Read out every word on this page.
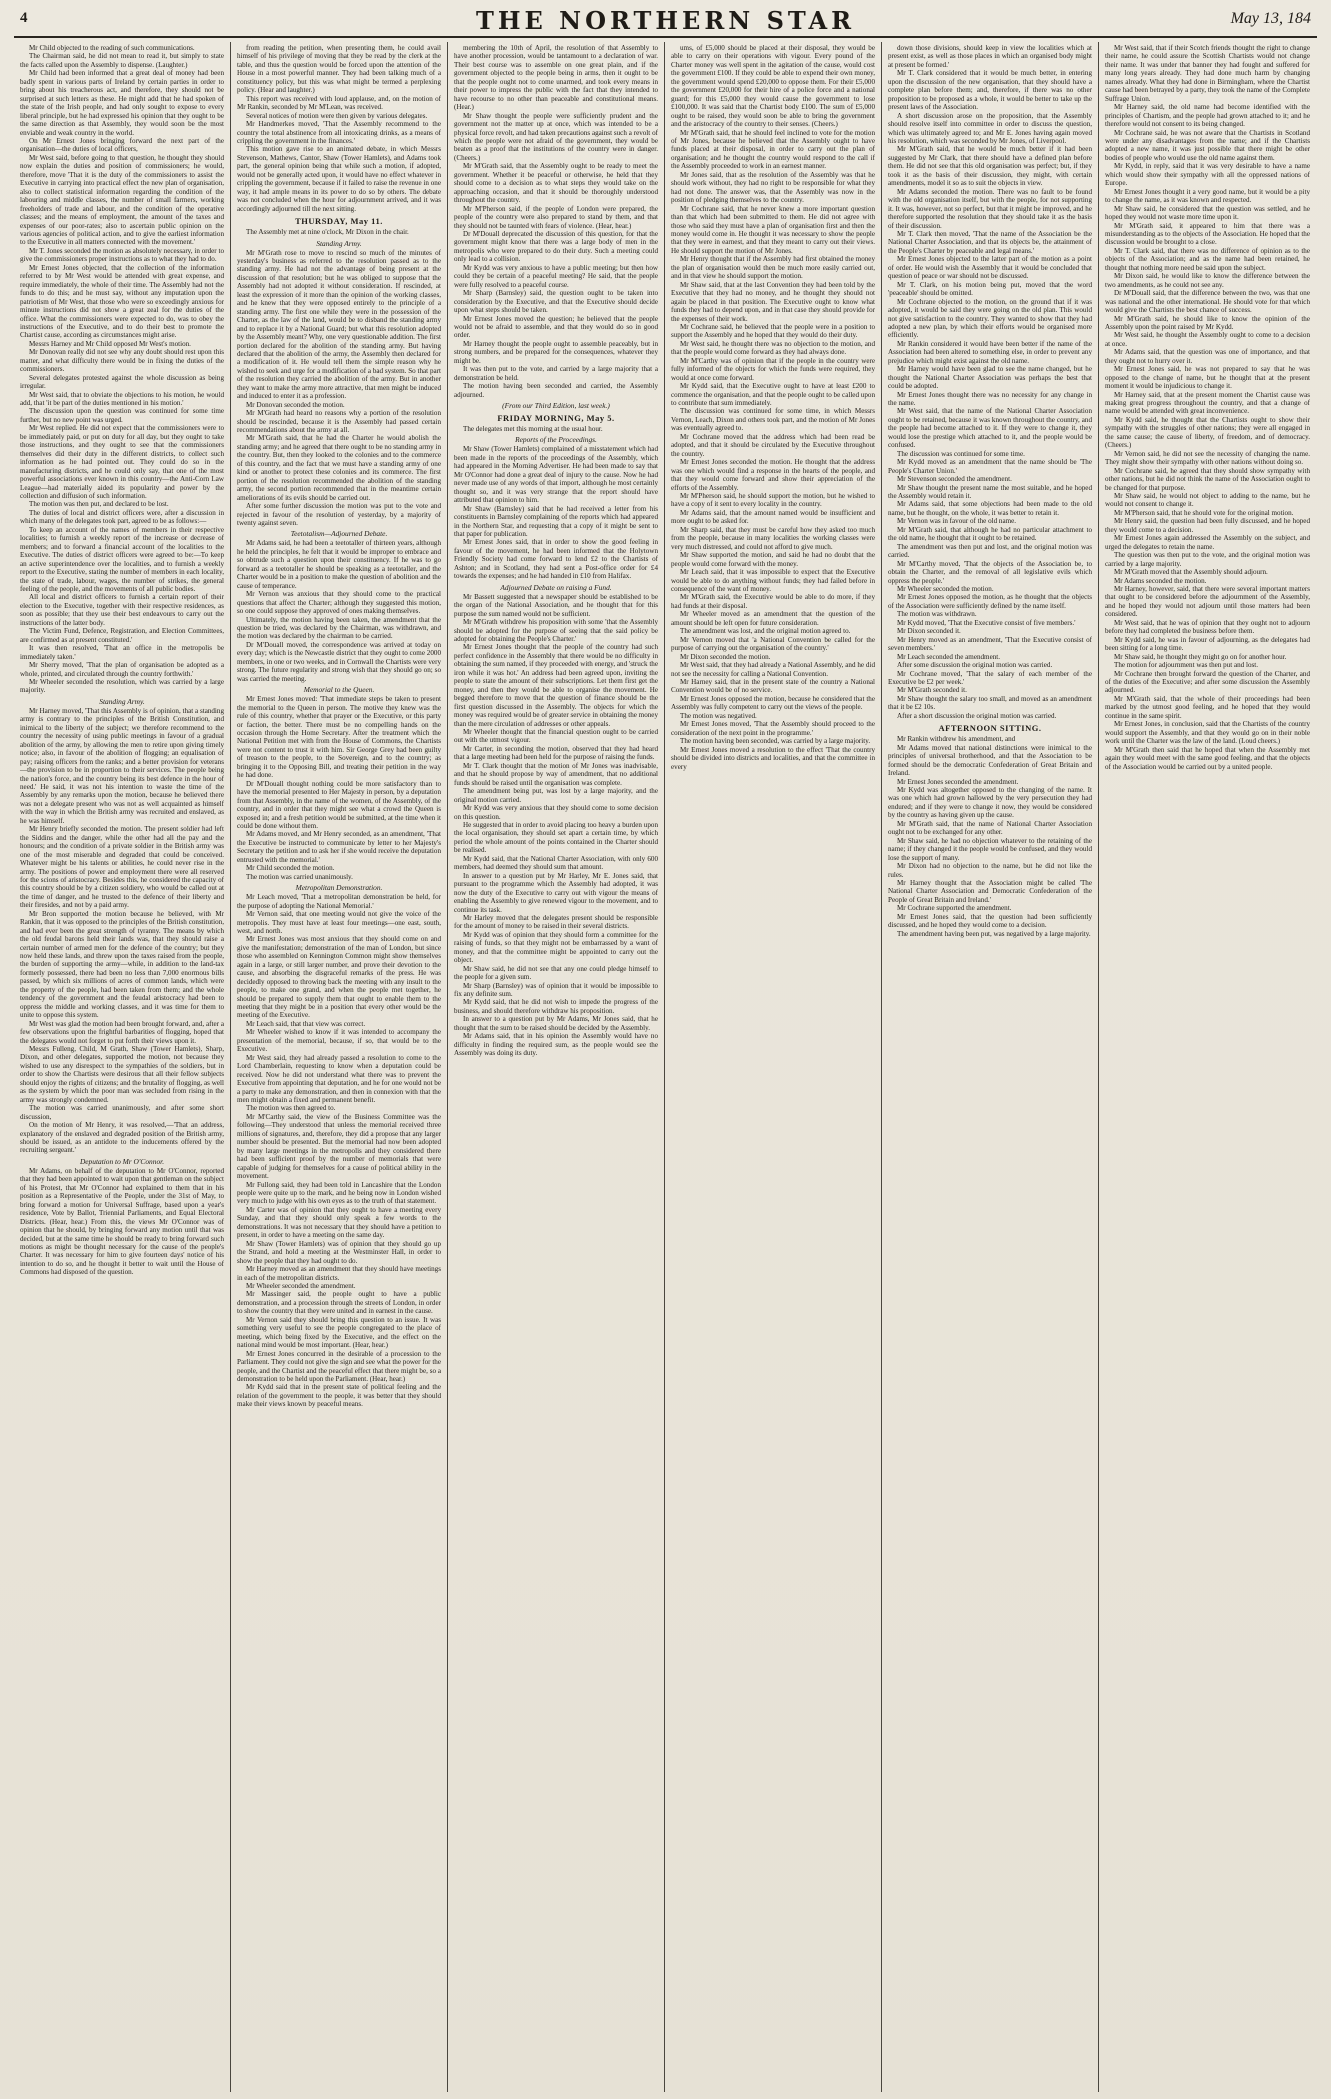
4	THE NORTHERN STAR	May 13, 184

Mr Child objected to the reading of such communications.

The Chairman said, he did not mean to read it, but simply to state the facts called upon the Assembly to dispense. (Laughter.)

Mr Child had been informed that a great deal of money had been badly spent in various parts of Ireland by certain parties in order to bring about his treacherous act, and therefore, they should not be surprised at such letters as these. He might add that he had spoken of the state of the Irish people, and had only sought to expose to every liberal principle, but he had expressed his opinion that they ought to be the same direction as that Assembly, they would soon be the most enviable and weak country in the world.

On Mr Ernest Jones bringing forward the next part of the organisation—the duties of local officers,

Mr West said, before going to that question, he thought they should now explain the duties and position of commissioners; he would, therefore, move 'That it is the duty of the commissioners to assist the Executive in carrying into practical effect the new plan of organisation, also to collect statistical information regarding the condition of the labouring and middle classes, the number of small farmers, working freeholders of trade and labour, and the condition of the operative classes; and the means of employment, the amount of the taxes and expenses of our poor-rates; also to ascertain public opinion on the various agencies of political action, and to give the earliest information to the Executive in all matters connected with the movement.'

Mr T. Jones seconded the motion as absolutely necessary, in order to give the commissioners proper instructions as to what they had to do.

Mr Ernest Jones objected, that the collection of the information referred to by Mr West would be attended with great expense, and require immediately, the whole of their time. The Assembly had not the funds to do this; and he must say, without any imputation upon the patriotism of Mr West, that those who were so exceedingly anxious for minute instructions did not show a great zeal for the duties of the office. What the commissioners were expected to do, was to obey the instructions of the Executive, and to do their best to promote the Chartist cause, according as circumstances might arise.

Messrs Harney and Mr Child opposed Mr West's motion.

Mr Donovan really did not see why any doubt should rest upon this matter, and what difficulty there would be in fixing the duties of the commissioners.

Several delegates protested against the whole discussion as being irregular.

Mr West said, that to obviate the objections to his motion, he would add, that 'it be part of the duties mentioned in his motion.'

The discussion upon the question was continued for some time further, but no new point was urged.

Mr West replied. He did not expect that the commissioners were to be immediately paid, or put on duty for all day, but they ought to take those instructions, and they ought to see that the commissioners themselves did their duty in the different districts, to collect such information as he had pointed out. They could do so in the manufacturing districts, and he could only say, that one of the most powerful associations ever known in this country—the Anti-Corn Law League—had materially aided its popularity and power by the collection and diffusion of such information.

The motion was then put, and declared to be lost.

The duties of local and district officers were, after a discussion in which many of the delegates took part, agreed to be as follows:—

To keep an account of the names of members in their respective localities; to furnish a weekly report of the increase or decrease of members; and to forward a financial account of the localities to the Executive. The duties of district officers were agreed to be:—To keep an active superintendence over the localities, and to furnish a weekly report to the Executive, stating the number of members in each locality, the state of trade, labour, wages, the number of strikes, the general feeling of the people, and the movements of all public bodies.

All local and district officers to furnish a certain report of their election to the Executive, together with their respective residences, as soon as possible; that they use their best endeavours to carry out the instructions of the latter body.

The Victim Fund, Defence, Registration, and Election Committees, are confirmed as at present constituted.'

It was then resolved, 'That an office in the metropolis be immediately taken.'

Mr Sherry moved, 'That the plan of organisation be adopted as a whole, printed, and circulated through the country forthwith.'

Mr Wheeler seconded the resolution, which was carried by a large majority.

Standing Army.

Mr Harney moved, 'That this Assembly is of opinion, that a standing army is contrary to the principles of the British Constitution, and inimical to the liberty of the subject; we therefore recommend to the country the necessity of using public meetings in favour of a gradual abolition of the army, by allowing the men to retire upon giving timely notice; also, in favour of the abolition of flogging; an equalisation of pay; raising officers from the ranks; and a better provision for veterans—the provision to be in proportion to their services. The people being the nation's force, and the country being its best defence in the hour of need.' He said, it was not his intention to waste the time of the Assembly by any remarks upon the motion, because he believed there was not a delegate present who was not as well acquainted as himself with the way in which the British army was recruited and enslaved, as he was himself.

Mr Henry briefly seconded the motion. The present soldier had left the Siddins and the danger, while the other had all the pay and the honours; and the condition of a private soldier in the British army was one of the most miserable and degraded that could be conceived. Whatever might be his talents or abilities, he could never rise in the army. The positions of power and employment there were all reserved for the scions of aristocracy. Besides this, he considered the capacity of this country should be by a citizen soldiery, who would be called out at the time of danger, and he trusted to the defence of their liberty and their firesides, and not by a paid army.

Mr Bron supported the motion because he believed, with Mr Rankin, that it was opposed to the principles of the British constitution, and had ever been the great strength of tyranny. The means by which the old feudal barons held their lands was, that they should raise a certain number of armed men for the defence of the country; but they now held these lands, and threw upon the taxes raised from the people, the burden of supporting the army—while, in addition to the land-tax formerly possessed, there had been no less than 7,000 enormous bills passed, by which six millions of acres of common lands, which were the property of the people, had been taken from them; and the whole tendency of the government and the feudal aristocracy had been to oppress the middle and working classes, and it was time for them to unite to oppose this system.

Mr West was glad the motion had been brought forward, and, after a few observations upon the frightful barbarities of flogging, hoped that the delegates would not forget to put forth their views upon it.

Messrs Fulleng, Child, M Grath, Shaw (Tower Hamlets), Sharp, Dixon, and other delegates, supported the motion, not because they wished to use any disrespect to the sympathies of the soldiers, but in order to show the Chartists were desirous that all their fellow subjects should enjoy the rights of citizens; and the brutality of flogging, as well as the system by which the poor man was secluded from rising in the army was strongly condemned.

The motion was carried unanimously, and after some short discussion,

On the motion of Mr Henry, it was resolved,—'That an address, explanatory of the enslaved and degraded position of the British army, should be issued, as an antidote to the inducements offered by the recruiting sergeant.'

Deputation to Mr O'Connor.

Mr Adams, on behalf of the deputation to Mr O'Connor, reported that they had been appointed to wait upon that gentleman on the subject of his Protest, that Mr O'Connor had explained to them that in his position as a Representative of the People, under the 31st of May, to bring forward a motion for Universal Suffrage, based upon a year's residence, Vote by Ballot, Triennial Parliaments, and Equal Electoral Districts. (Hear, hear.) From this, the views Mr O'Connor was of opinion that he should, by bringing forward any motion until that was decided, but at the same time he should be ready to bring forward such motions as might be thought necessary for the cause of the people's Charter. It was necessary for him to give fourteen days' notice of his intention to do so, and he thought it better to wait until the House of Commons had disposed of the question.

from reading the petition, when presenting them, he could avail himself of his privilege of moving that they be read by the clerk at the table, and thus the question would be forced upon the attention of the House in a most powerful manner. They had been talking much of a constituency policy, but this was what might be termed a perplexing policy. (Hear and laughter.)

This report was received with loud applause, and, on the motion of Mr Rankin, seconded by Mr M'Lean, was received.

Several notices of motion were then given by various delegates.

Mr Handmerkes moved, 'That the Assembly recommend to the country the total abstinence from all intoxicating drinks, as a means of crippling the government in the finances.'

This motion gave rise to an animated debate, in which Messrs Stevenson, Mathews, Cantor, Shaw (Tower Hamlets), and Adams took part, the general opinion being that while such a motion, if adopted, would not be generally acted upon, it would have no effect whatever in crippling the government, because if it failed to raise the revenue in one way, it had ample means in its power to do so by others. The debate was not concluded when the hour for adjournment arrived, and it was accordingly adjourned till the next sitting.

THURSDAY, May 11.

The Assembly met at nine o'clock, Mr Dixon in the chair.

Standing Army.

Mr M'Grath rose to move to rescind so much of the minutes of yesterday's business as referred to the resolution passed as to the standing army. He had not the advantage of being present at the discussion of that resolution; but he was obliged to suppose that the Assembly had not adopted it without consideration. If rescinded, at least the expression of it more than the opinion of the working classes, and he knew that they were opposed entirely to the principle of a standing army. The first one while they were in the possession of the Charter, as the law of the land, would be to disband the standing army and to replace it by a National Guard; but what this resolution adopted by the Assembly meant? Why, one very questionable addition. The first portion declared for the abolition of the standing army. But having declared that the abolition of the army, the Assembly then declared for a modification of it. He would tell them the simple reason why he wished to seek and urge for a modification of a bad system. So that part of the resolution they carried the abolition of the army. But in another they want to make the army more attractive, that men might be induced and induced to enter it as a profession.

Mr Donovan seconded the motion.

Mr M'Grath had heard no reasons why a portion of the resolution should be rescinded, because it is the Assembly had passed certain recommendations about the army at all.

Mr M'Grath said, that he had the Charter he would abolish the standing army; and he agreed that there ought to be no standing army in the country. But, then they looked to the colonies and to the commerce of this country, and the fact that we must have a standing army of one kind or another to protect these colonies and its commerce. The first portion of the resolution recommended the abolition of the standing army, the second portion recommended that in the meantime certain ameliorations of its evils should be carried out.

After some further discussion the motion was put to the vote and rejected in favour of the resolution of yesterday, by a majority of twenty against seven.

Teetotalism—Adjourned Debate.

Mr Adams said, he had been a teetotaller of thirteen years, although he held the principles, he felt that it would be improper to embrace and so obtrude such a question upon their constituency. If he was to go forward as a teetotaller he should be speaking as a teetotaller, and the Charter would be in a position to make the question of abolition and the cause of temperance.

Mr Vernon was anxious that they should come to the practical questions that affect the Charter; although they suggested this motion, so one could suppose they approved of ones making themselves.

Ultimately, the motion having been taken, the amendment that the question be tried, was declared by the Chairman, was withdrawn, and the motion was declared by the chairman to be carried.

Dr M'Douall moved, the correspondence was arrived at today on every day; which is the Newcastle district that they ought to come 2000 members, in one or two weeks, and in Cornwall the Chartists were very strong. The future regularity and strong wish that they should go on; so was carried the meeting.

Memorial to the Queen.

Mr Ernest Jones moved: 'That immediate steps be taken to present the memorial to the Queen in person. The motive they knew was the rule of this country, whether that prayer or the Executive, or this party or faction, the better. There must be no compelling hands on the occasion through the Home Secretary. After the treatment which the National Petition met with from the House of Commons, the Chartists were not content to trust it with him. Sir George Grey had been guilty of treason to the people, to the Sovereign, and to the country; as bringing it to the Opposing Bill, and treating their petition in the way he had done.

Dr M'Douall thought nothing could be more satisfactory than to have the memorial presented to Her Majesty in person, by a deputation from that Assembly, in the name of the women, of the Assembly, of the country, and in order that they might see what a crowd the Queen is exposed in; and a fresh petition would be submitted, at the time when it could be done without them.

Mr Adams moved, and Mr Henry seconded, as an amendment, 'That the Executive be instructed to communicate by letter to her Majesty's Secretary the petition and to ask her if she would receive the deputation entrusted with the memorial.'

Mr Child seconded the motion.

The motion was carried unanimously.

Metropolitan Demonstration.

Mr Leach moved, 'That a metropolitan demonstration be held, for the purpose of adopting the National Memorial.'

Mr Vernon said, that one meeting would not give the voice of the metropolis. They must have at least four meetings—one east, south, west, and north.

Mr Ernest Jones was most anxious that they should come on and give the manifestation; demonstration of the man of London, but since those who assembled on Kennington Common might show themselves again in a large, or still larger number, and prove their devotion to the cause, and absorbing the disgraceful remarks of the press. He was decidedly opposed to throwing back the meeting with any insult to the people, to make one grand, and when the people met together, he should be prepared to supply them that ought to enable them to the meeting that they might be in a position that every other would be the meeting of the Executive.

Mr Leach said, that that view was correct.

Mr Wheeler wished to know if it was intended to accompany the presentation of the memorial, because, if so, that would be to the Executive.

Mr West said, they had already passed a resolution to come to the Lord Chamberlain, requesting to know when a deputation could be received. Now he did not understand what there was to prevent the Executive from appointing that deputation, and he for one would not be a party to make any demonstration, and then in connexion with that the men might obtain a fixed and permanent benefit.

The motion was then agreed to.

Mr M'Carthy said, the view of the Business Committee was the following—They understood that unless the memorial received three millions of signatures, and, therefore, they did a propose that any larger number should be presented. But the memorial had now been adopted by many large meetings in the metropolis and they considered there had been sufficient proof by the number of memorials that were capable of judging for themselves for a cause of political ability in the movement.

Mr Fullong said, they had been told in Lancashire that the London people were quite up to the mark, and he being now in London wished very much to judge with his own eyes as to the truth of that statement.

Mr Carter was of opinion that they ought to have a meeting every Sunday, and that they should only speak a few words to the demonstrations. It was not necessary that they should have a petition to present, in order to have a meeting on the same day.

Mr Shaw (Tower Hamlets) was of opinion that they should go up the Strand, and hold a meeting at the Westminster Hall, in order to show the people that they had ought to do.

Mr Harney moved as an amendment that they should have meetings in each of the metropolitan districts.

Mr Wheeler seconded the amendment.

Mr Massinger said, the people ought to have a public demonstration, and a procession through the streets of London, in order to show the country that they were united and in earnest in the cause.

Mr Vernon said they should bring this question to an issue. It was something very useful to see the people congregated to the place of meeting, which being fixed by the Executive, and the effect on the national mind would be most important. (Hear, hear.)

Mr Ernest Jones concurred in the desirable of a procession to the Parliament. They could not give the sign and see what the power for the people, and the Chartist and the peaceful effect that there might be, so a demonstration to be held upon the Parliament. (Hear, hear.)

Mr Kydd said that in the present state of political feeling and the relation of the government to the people, it was better that they should make their views known by peaceful means.

membering the 10th of April, the resolution of that Assembly to have another procession, would be tantamount to a declaration of war. Their best course was to assemble on one great plain, and if the government objected to the people being in arms, then it ought to be that the people ought not to come unarmed, and took every means in their power to impress the public with the fact that they intended to have recourse to no other than peaceable and constitutional means. (Hear.)

Mr Shaw thought the people were sufficiently prudent and the government not the matter up at once, which was intended to be a physical force revolt, and had taken precautions against such a revolt of which the people were not afraid of the government, they would be beaten as a proof that the institutions of the country were in danger. (Cheers.)

Mr M'Grath said, that the Assembly ought to be ready to meet the government. Whether it be peaceful or otherwise, he held that they should come to a decision as to what steps they would take on the approaching occasion, and that it should be thoroughly understood throughout the country.

Mr M'Pherson said, if the people of London were prepared, the people of the country were also prepared to stand by them, and that they should not be taunted with fears of violence. (Hear, hear.)

Dr M'Douall deprecated the discussion of this question, for that the government might know that there was a large body of men in the metropolis who were prepared to do their duty. Such a meeting could only lead to a collision.

Mr Kydd was very anxious to have a public meeting; but then how could they be certain of a peaceful meeting? He said, that the people were fully resolved to a peaceful course.

Mr Sharp (Barnsley) said, the question ought to be taken into consideration by the Executive, and that the Executive should decide upon what steps should be taken.

Mr Ernest Jones moved the question; he believed that the people would not be afraid to assemble, and that they would do so in good order.

Mr Harney thought the people ought to assemble peaceably, but in strong numbers, and be prepared for the consequences, whatever they might be.

It was then put to the vote, and carried by a large majority that a demonstration be held.

The motion having been seconded and carried, the Assembly adjourned.

(From our Third Edition, last week.)
FRIDAY MORNING, May 5.

The delegates met this morning at the usual hour.

Reports of the Proceedings.

Mr Shaw (Tower Hamlets) complained of a misstatement which had been made in the reports of the proceedings of the Assembly, which had appeared in the Morning Advertiser. He had been made to say that Mr O'Connor had done a great deal of injury to the cause. Now he had never made use of any words of that import, although he most certainly thought so, and it was very strange that the report should have attributed that opinion to him.

Mr Shaw (Barnsley) said that he had received a letter from his constituents in Barnsley complaining of the reports which had appeared in the Northern Star, and requesting that a copy of it might be sent to that paper for publication.

Mr Ernest Jones said, that in order to show the good feeling in favour of the movement, he had been informed that the Holytown Friendly Society had come forward to lend £2 to the Chartists of Ashton; and in Scotland, they had sent a Post-office order for £4 towards the expenses; and he had handed in £10 from Halifax.

Adjourned Debate on raising a Fund.

Mr Bassett suggested that a newspaper should be established to be the organ of the National Association, and he thought that for this purpose the sum named would not be sufficient.

Mr M'Grath withdrew his proposition with some 'that the Assembly should be adopted for the purpose of seeing that the said policy be adopted for obtaining the People's Charter.'

Mr Ernest Jones thought that the people of the country had such perfect confidence in the Assembly that there would be no difficulty in obtaining the sum named, if they proceeded with energy, and 'struck the iron while it was hot.' An address had been agreed upon, inviting the people to state the amount of their subscriptions. Let them first get the money, and then they would be able to organise the movement. He begged therefore to move that the question of finance should be the first question discussed in the Assembly. The objects for which the money was required would be of greater service in obtaining the money than the mere circulation of addresses or other appeals.

Mr Wheeler thought that the financial question ought to be carried out with the utmost vigour.

Mr Carter, in seconding the motion, observed that they had heard that a large meeting had been held for the purpose of raising the funds.

Mr T. Clark thought that the motion of Mr Jones was inadvisable, and that he should propose by way of amendment, that no additional funds should be raised until the organisation was complete.

The amendment being put, was lost by a large majority, and the original motion carried.

Mr Kydd was very anxious that they should come to some decision on this question.

He suggested that in order to avoid placing too heavy a burden upon the local organisation, they should set apart a certain time, by which period the whole amount of the points contained in the Charter should be realised.

Mr Kydd said, that the National Charter Association, with only 600 members, had deemed they should sum that amount.

In answer to a question put by Mr Harley, Mr E. Jones said, that pursuant to the programme which the Assembly had adopted, it was now the duty of the Executive to carry out with vigour the means of enabling the Assembly to give renewed vigour to the movement, and to continue its task.

Mr Harley moved that the delegates present should be responsible for the amount of money to be raised in their several districts.

Mr Kydd was of opinion that they should form a committee for the raising of funds, so that they might not be embarrassed by a want of money, and that the committee might be appointed to carry out the object.

Mr Shaw said, he did not see that any one could pledge himself to the people for a given sum.

Mr Sharp (Barnsley) was of opinion that it would be impossible to fix any definite sum.

Mr Kydd said, that he did not wish to impede the progress of the business, and should therefore withdraw his proposition.

In answer to a question put by Mr Adams, Mr Jones said, that he thought that the sum to be raised should be decided by the Assembly.

Mr Adams said, that in his opinion the Assembly would have no difficulty in finding the required sum, as the people would see the Assembly was doing its duty.

ums, of £5,000 should be placed at their disposal, they would be able to carry on their operations with vigour. Every pound of the Charter money was well spent in the agitation of the cause, would cost the government £100. If they could be able to expend their own money, the government would spend £20,000 to oppose them. For their £5,000 the government £20,000 for their hire of a police force and a national guard; for this £5,000 they would cause the government to lose £100,000. It was said that the Chartist body £100. The sum of £5,000 ought to be raised, they would soon be able to bring the government and the aristocracy of the country to their senses. (Cheers.)

Mr M'Grath said, that he should feel inclined to vote for the motion of Mr Jones, because he believed that the Assembly ought to have funds placed at their disposal, in order to carry out the plan of organisation; and he thought the country would respond to the call if the Assembly proceeded to work in an earnest manner.

Mr Jones said, that as the resolution of the Assembly was that he should work without, they had no right to be responsible for what they had not done. The answer was, that the Assembly was now in the position of pledging themselves to the country.

Mr Cochrane said, that he never knew a more important question than that which had been submitted to them. He did not agree with those who said they must have a plan of organisation first and then the money would come in. He thought it was necessary to show the people that they were in earnest, and that they meant to carry out their views. He should support the motion of Mr Jones.

Mr Henry thought that if the Assembly had first obtained the money the plan of organisation would then be much more easily carried out, and in that view he should support the motion.

Mr Shaw said, that at the last Convention they had been told by the Executive that they had no money, and he thought they should not again be placed in that position. The Executive ought to know what funds they had to depend upon, and in that case they should provide for the expenses of their work.

Mr Cochrane said, he believed that the people were in a position to support the Assembly and he hoped that they would do their duty.

Mr West said, he thought there was no objection to the motion, and that the people would come forward as they had always done.

Mr M'Carthy was of opinion that if the people in the country were fully informed of the objects for which the funds were required, they would at once come forward.

Mr Kydd said, that the Executive ought to have at least £200 to commence the organisation, and that the people ought to be called upon to contribute that sum immediately.

The discussion was continued for some time, in which Messrs Vernon, Leach, Dixon and others took part, and the motion of Mr Jones was eventually agreed to.

Mr Cochrane moved that the address which had been read be adopted, and that it should be circulated by the Executive throughout the country.

Mr Ernest Jones seconded the motion. He thought that the address was one which would find a response in the hearts of the people, and that they would come forward and show their appreciation of the efforts of the Assembly.

Mr M'Pherson said, he should support the motion, but he wished to have a copy of it sent to every locality in the country.

Mr Adams said, that the amount named would be insufficient and more ought to be asked for.

Mr Sharp said, that they must be careful how they asked too much from the people, because in many localities the working classes were very much distressed, and could not afford to give much.

Mr Shaw supported the motion, and said he had no doubt that the people would come forward with the money.

Mr Leach said, that it was impossible to expect that the Executive would be able to do anything without funds; they had failed before in consequence of the want of money.

Mr M'Grath said, the Executive would be able to do more, if they had funds at their disposal.

Mr Wheeler moved as an amendment that the question of the amount should be left open for future consideration.

The amendment was lost, and the original motion agreed to.

Mr Vernon moved that 'a National Convention be called for the purpose of carrying out the organisation of the country.'

Mr Dixon seconded the motion.

Mr West said, that they had already a National Assembly, and he did not see the necessity for calling a National Convention.

Mr Harney said, that in the present state of the country a National Convention would be of no service.

Mr Ernest Jones opposed the motion, because he considered that the Assembly was fully competent to carry out the views of the people.

The motion was negatived.

Mr Ernest Jones moved, 'That the Assembly should proceed to the consideration of the next point in the programme.'

The motion having been seconded, was carried by a large majority.

Mr Ernest Jones moved a resolution to the effect 'That the country should be divided into districts and localities, and that the committee in every

down those divisions, should keep in view the localities which at present exist, as well as those places in which an organised body might at present be formed.'

Mr T. Clark considered that it would be much better, in entering upon the discussion of the new organisation, that they should have a complete plan before them; and, therefore, if there was no other proposition to be proposed as a whole, it would be better to take up the present laws of the Association.

A short discussion arose on the proposition, that the Assembly should resolve itself into committee in order to discuss the question, which was ultimately agreed to; and Mr E. Jones having again moved his resolution, which was seconded by Mr Jones, of Liverpool.

Mr M'Grath said, that he would be much better if it had been suggested by Mr Clark, that there should have a defined plan before them. He did not see that this old organisation was perfect; but, if they took it as the basis of their discussion, they might, with certain amendments, model it so as to suit the objects in view.

Mr Adams seconded the motion. There was no fault to be found with the old organisation itself, but with the people, for not supporting it. It was, however, not so perfect, but that it might be improved, and he therefore supported the resolution that they should take it as the basis of their discussion.

Mr T. Clark then moved, 'That the name of the Association be the National Charter Association, and that its objects be, the attainment of the People's Charter by peaceable and legal means.'

Mr Ernest Jones objected to the latter part of the motion as a point of order. He would wish the Assembly that it would be concluded that question of peace or war should not be discussed.

Mr T. Clark, on his motion being put, moved that the word 'peaceable' should be omitted.

Mr Cochrane objected to the motion, on the ground that if it was adopted, it would be said they were going on the old plan. This would not give satisfaction to the country. They wanted to show that they had adopted a new plan, by which their efforts would be organised more efficiently.

Mr Rankin considered it would have been better if the name of the Association had been altered to something else, in order to prevent any prejudice which might exist against the old name.

Mr Harney would have been glad to see the name changed, but he thought the National Charter Association was perhaps the best that could be adopted.

Mr Ernest Jones thought there was no necessity for any change in the name.

Mr West said, that the name of the National Charter Association ought to be retained, because it was known throughout the country, and the people had become attached to it. If they were to change it, they would lose the prestige which attached to it, and the people would be confused.

The discussion was continued for some time.

Mr Kydd moved as an amendment that the name should be 'The People's Charter Union.'

Mr Stevenson seconded the amendment.

Mr Shaw thought the present name the most suitable, and he hoped the Assembly would retain it.

Mr Adams said, that some objections had been made to the old name, but he thought, on the whole, it was better to retain it.

Mr Vernon was in favour of the old name.

Mr M'Grath said, that although he had no particular attachment to the old name, he thought that it ought to be retained.

The amendment was then put and lost, and the original motion was carried.

Mr M'Carthy moved, 'That the objects of the Association be, to obtain the Charter, and the removal of all legislative evils which oppress the people.'

Mr Wheeler seconded the motion.

Mr Ernest Jones opposed the motion, as he thought that the objects of the Association were sufficiently defined by the name itself.

The motion was withdrawn.

Mr Kydd moved, 'That the Executive consist of five members.'

Mr Dixon seconded it.

Mr Henry moved as an amendment, 'That the Executive consist of seven members.'

Mr Leach seconded the amendment.

After some discussion the original motion was carried.

Mr Cochrane moved, 'That the salary of each member of the Executive be £2 per week.'

Mr M'Grath seconded it.

Mr Shaw thought the salary too small, and moved as an amendment that it be £2 10s.

After a short discussion the original motion was carried.

AFTERNOON SITTING.

Mr Rankin withdrew his amendment, and

Mr Adams moved that national distinctions were inimical to the principles of universal brotherhood, and that the Association to be formed should be the democratic Confederation of Great Britain and Ireland.

Mr Ernest Jones seconded the amendment.

Mr Kydd was altogether opposed to the changing of the name. It was one which had grown hallowed by the very persecution they had endured; and if they were to change it now, they would be considered by the country as having given up the cause.

Mr M'Grath said, that the name of National Charter Association ought not to be exchanged for any other.

Mr Shaw said, he had no objection whatever to the retaining of the name; if they changed it the people would be confused, and they would lose the support of many.

Mr Dixon had no objection to the name, but he did not like the rules.

Mr Harney thought that the Association might be called 'The National Charter Association and Democratic Confederation of the People of Great Britain and Ireland.'

Mr Cochrane supported the amendment.

Mr Ernest Jones said, that the question had been sufficiently discussed, and he hoped they would come to a decision.

The amendment having been put, was negatived by a large majority.

Mr West said, that if their Scotch friends thought the right to change their name, he could assure the Scottish Chartists would not change their name. It was under that banner they had fought and suffered for many long years already. They had done much harm by changing names already. What they had done in Birmingham, where the Chartist cause had been betrayed by a party, they took the name of the Complete Suffrage Union.

Mr Harney said, the old name had become identified with the principles of Chartism, and the people had grown attached to it; and he therefore would not consent to its being changed.

Mr Cochrane said, he was not aware that the Chartists in Scotland were under any disadvantages from the name; and if the Chartists adopted a new name, it was just possible that there might be other bodies of people who would use the old name against them.

Mr Kydd, in reply, said that it was very desirable to have a name which would show their sympathy with all the oppressed nations of Europe.

Mr Ernest Jones thought it a very good name, but it would be a pity to change the name, as it was known and respected.

Mr Shaw said, he considered that the question was settled, and he hoped they would not waste more time upon it.

Mr M'Grath said, it appeared to him that there was a misunderstanding as to the objects of the Association. He hoped that the discussion would be brought to a close.

Mr T. Clark said, that there was no difference of opinion as to the objects of the Association; and as the name had been retained, he thought that nothing more need be said upon the subject.

Mr Dixon said, he would like to know the difference between the two amendments, as he could not see any.

Dr M'Douall said, that the difference between the two, was that one was national and the other international. He should vote for that which would give the Chartists the best chance of success.

Mr M'Grath said, he should like to know the opinion of the Assembly upon the point raised by Mr Kydd.

Mr West said, he thought the Assembly ought to come to a decision at once.

Mr Adams said, that the question was one of importance, and that they ought not to hurry over it.

Mr Ernest Jones said, he was not prepared to say that he was opposed to the change of name, but he thought that at the present moment it would be injudicious to change it.

Mr Harney said, that at the present moment the Chartist cause was making great progress throughout the country, and that a change of name would be attended with great inconvenience.

Mr Kydd said, he thought that the Chartists ought to show their sympathy with the struggles of other nations; they were all engaged in the same cause; the cause of liberty, of freedom, and of democracy. (Cheers.)

Mr Vernon said, he did not see the necessity of changing the name. They might show their sympathy with other nations without doing so.

Mr Cochrane said, he agreed that they should show sympathy with other nations, but he did not think the name of the Association ought to be changed for that purpose.

Mr Shaw said, he would not object to adding to the name, but he would not consent to change it.

Mr M'Pherson said, that he should vote for the original motion.

Mr Henry said, the question had been fully discussed, and he hoped they would come to a decision.

Mr Ernest Jones again addressed the Assembly on the subject, and urged the delegates to retain the name.

The question was then put to the vote, and the original motion was carried by a large majority.

Mr M'Grath moved that the Assembly should adjourn.

Mr Adams seconded the motion.

Mr Harney, however, said, that there were several important matters that ought to be considered before the adjournment of the Assembly, and he hoped they would not adjourn until those matters had been considered.

Mr West said, that he was of opinion that they ought not to adjourn before they had completed the business before them.

Mr Kydd said, he was in favour of adjourning, as the delegates had been sitting for a long time.

Mr Shaw said, he thought they might go on for another hour.

The motion for adjournment was then put and lost.

Mr Cochrane then brought forward the question of the Charter, and of the duties of the Executive; and after some discussion the Assembly adjourned.

Mr M'Grath said, that the whole of their proceedings had been marked by the utmost good feeling, and he hoped that they would continue in the same spirit.

Mr Ernest Jones, in conclusion, said that the Chartists of the country would support the Assembly, and that they would go on in their noble work until the Charter was the law of the land. (Loud cheers.)

Mr M'Grath then said that he hoped that when the Assembly met again they would meet with the same good feeling, and that the objects of the Association would be carried out by a united people.
